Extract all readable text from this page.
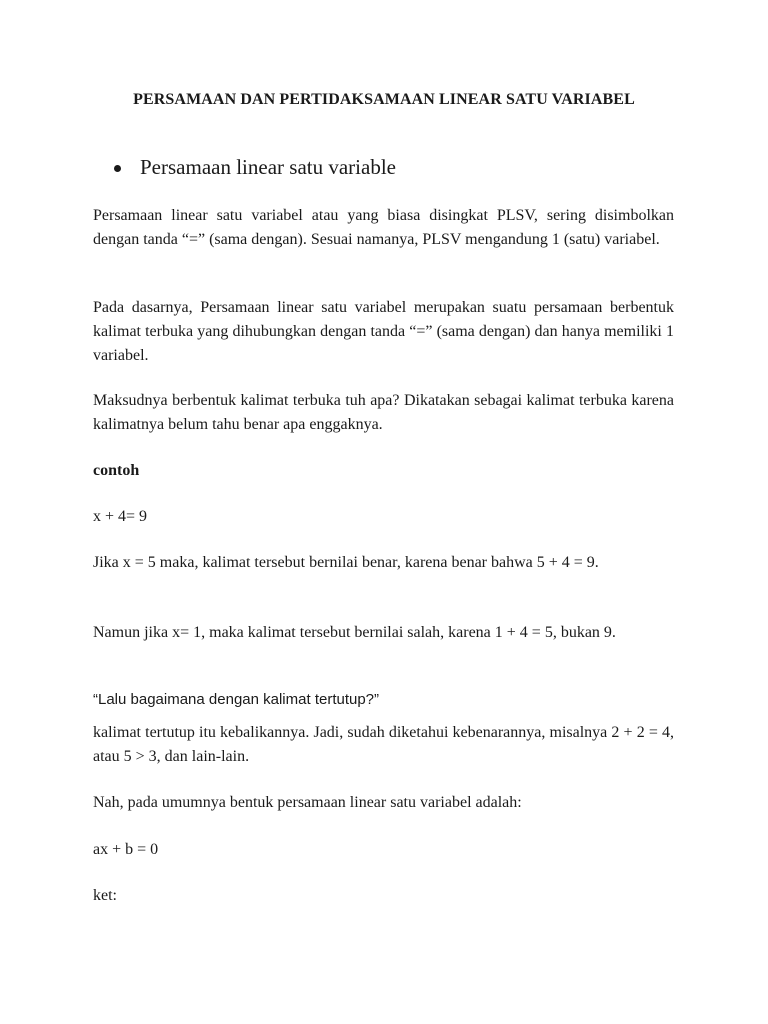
PERSAMAAN DAN PERTIDAKSAMAAN LINEAR SATU VARIABEL
Persamaan linear satu variable

Persamaan linear satu variabel atau yang biasa disingkat PLSV, sering disimbolkan dengan tanda “=” (sama dengan). Sesuai namanya, PLSV mengandung 1 (satu) variabel.

Pada dasarnya, Persamaan linear satu variabel merupakan suatu persamaan berbentuk kalimat terbuka yang dihubungkan dengan tanda “=” (sama dengan) dan hanya memiliki 1 variabel.

Maksudnya berbentuk kalimat terbuka tuh apa? Dikatakan sebagai kalimat terbuka karena kalimatnya belum tahu benar apa enggaknya.

contoh

x + 4= 9

Jika x = 5 maka, kalimat tersebut bernilai benar, karena benar bahwa 5 + 4 = 9.

Namun jika x= 1, maka kalimat tersebut bernilai salah, karena 1 + 4 = 5, bukan 9.

“Lalu bagaimana dengan kalimat tertutup?”

kalimat tertutup itu kebalikannya. Jadi, sudah diketahui kebenarannya, misalnya 2 + 2 = 4, atau 5 > 3, dan lain-lain.

Nah, pada umumnya bentuk persamaan linear satu variabel adalah:

ax + b = 0

ket:
